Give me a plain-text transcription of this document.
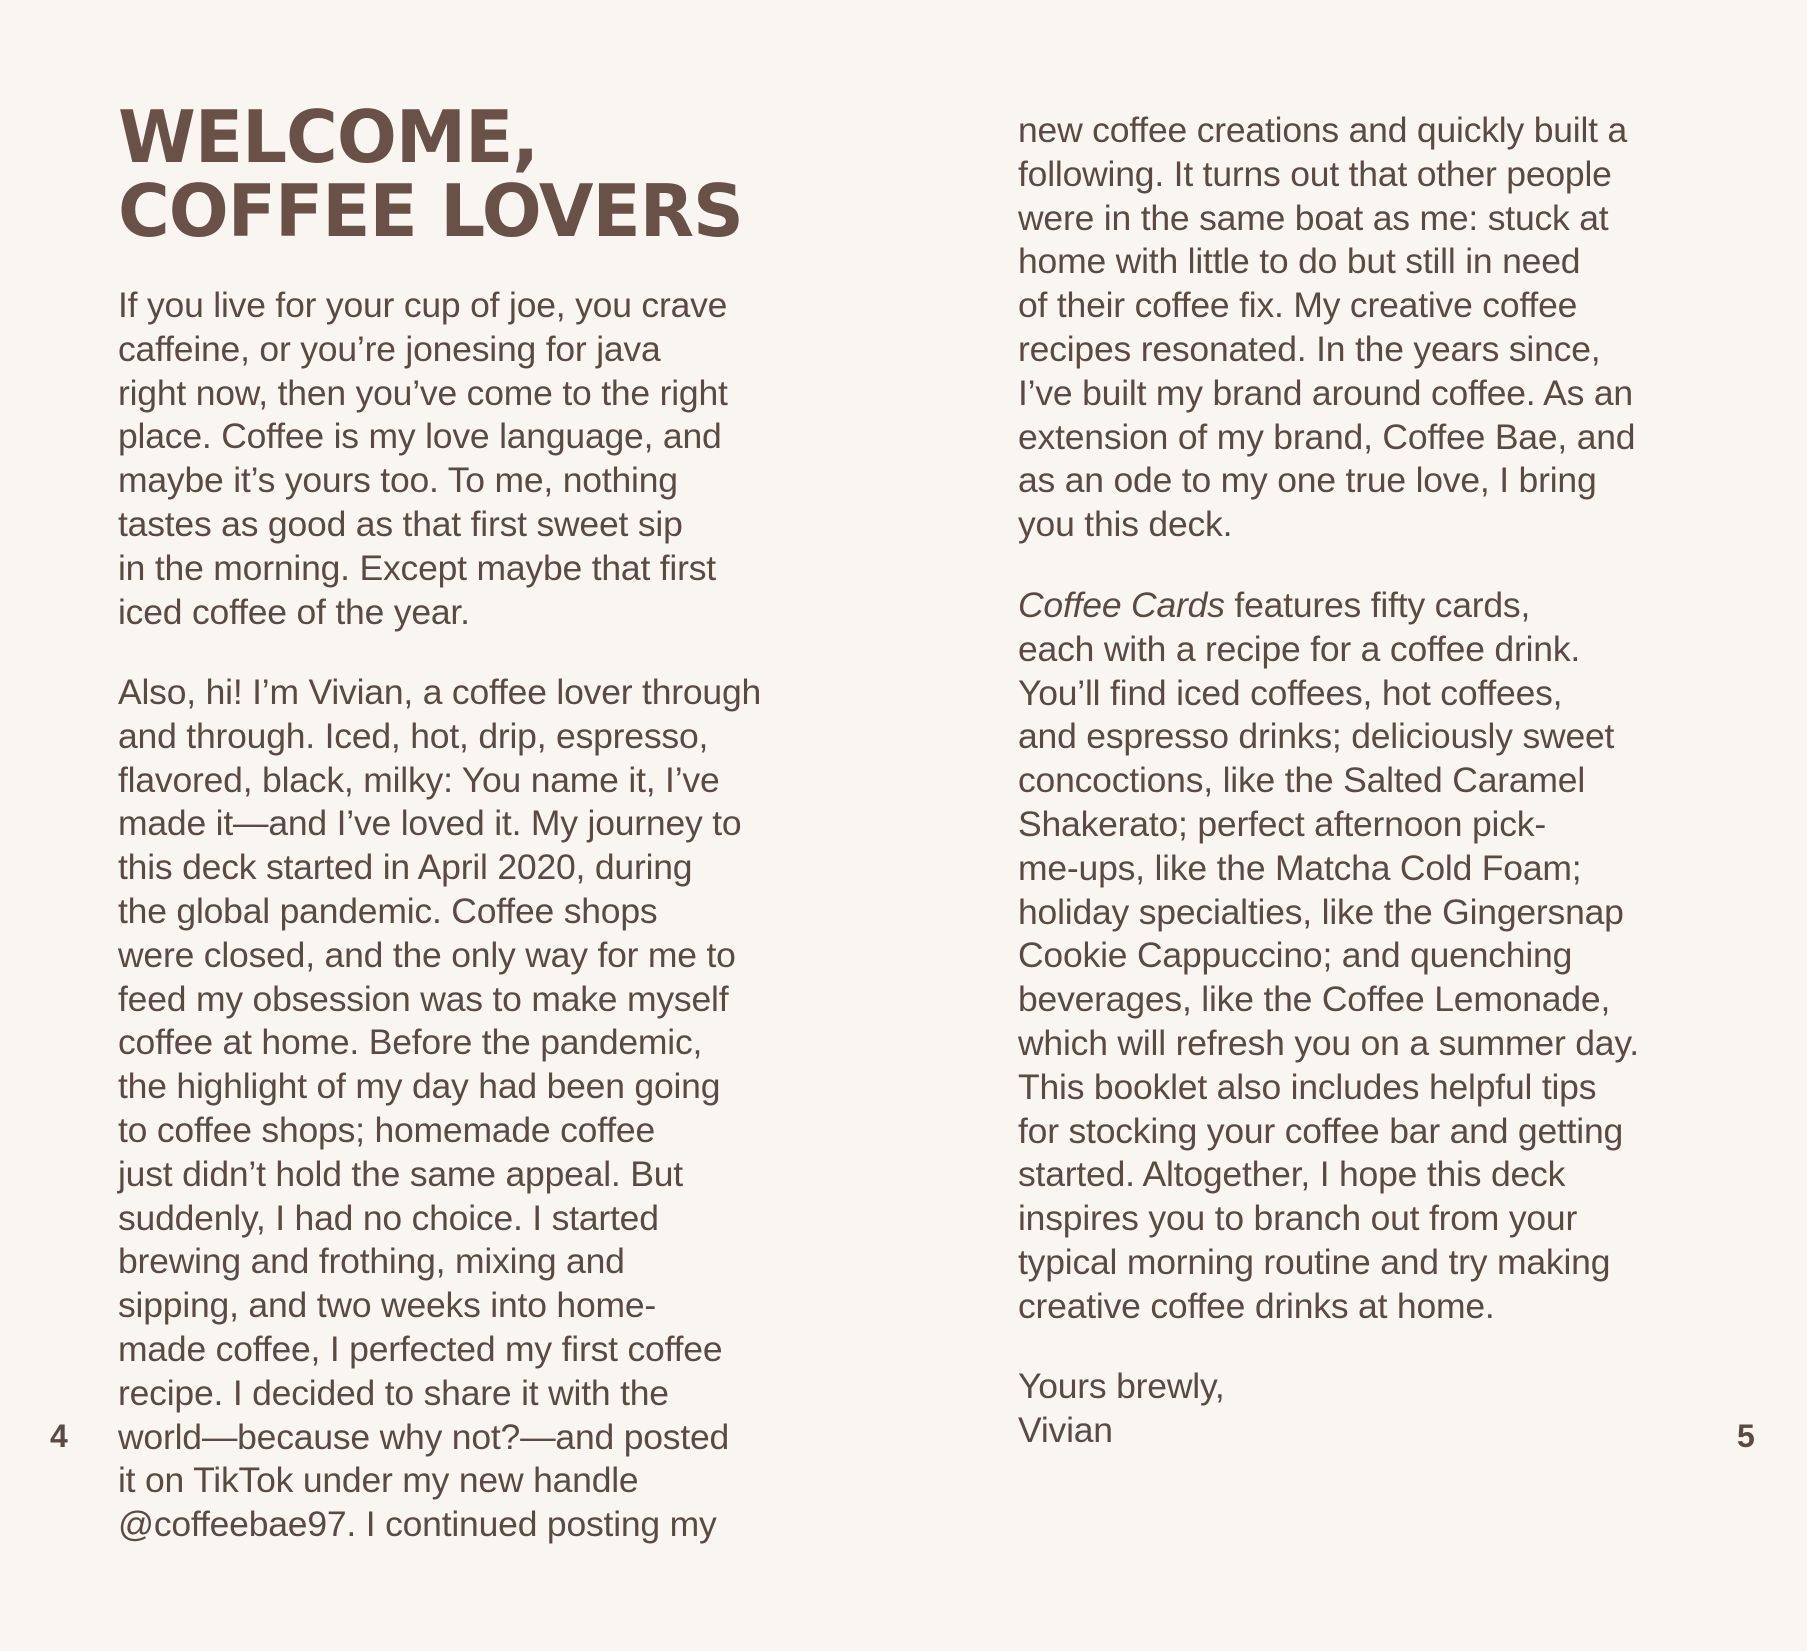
WELCOME,
COFFEE LOVERS
If you live for your cup of joe, you crave
caffeine, or you’re jonesing for java
right now, then you’ve come to the right
place. Coffee is my love language, and
maybe it’s yours too. To me, nothing
tastes as good as that first sweet sip
in the morning. Except maybe that first
iced coffee of the year.
Also, hi! I’m Vivian, a coffee lover through
and through. Iced, hot, drip, espresso,
flavored, black, milky: You name it, I’ve
made it—and I’ve loved it. My journey to
this deck started in April 2020, during
the global pandemic. Coffee shops
were closed, and the only way for me to
feed my obsession was to make myself
coffee at home. Before the pandemic,
the highlight of my day had been going
to coffee shops; homemade coffee
just didn’t hold the same appeal. But
suddenly, I had no choice. I started
brewing and frothing, mixing and
sipping, and two weeks into home-
made coffee, I perfected my first coffee
recipe. I decided to share it with the
world—because why not?—and posted
it on TikTok under my new handle
@coffeebae97. I continued posting my
4
new coffee creations and quickly built a
following. It turns out that other people
were in the same boat as me: stuck at
home with little to do but still in need
of their coffee fix. My creative coffee
recipes resonated. In the years since,
I’ve built my brand around coffee. As an
extension of my brand, Coffee Bae, and
as an ode to my one true love, I bring
you this deck.
Coffee Cards features fifty cards,
each with a recipe for a coffee drink.
You’ll find iced coffees, hot coffees,
and espresso drinks; deliciously sweet
concoctions, like the Salted Caramel
Shakerato; perfect afternoon pick-
me-ups, like the Matcha Cold Foam;
holiday specialties, like the Gingersnap
Cookie Cappuccino; and quenching
beverages, like the Coffee Lemonade,
which will refresh you on a summer day.
This booklet also includes helpful tips
for stocking your coffee bar and getting
started. Altogether, I hope this deck
inspires you to branch out from your
typical morning routine and try making
creative coffee drinks at home.
Yours brewly,
Vivian	5
